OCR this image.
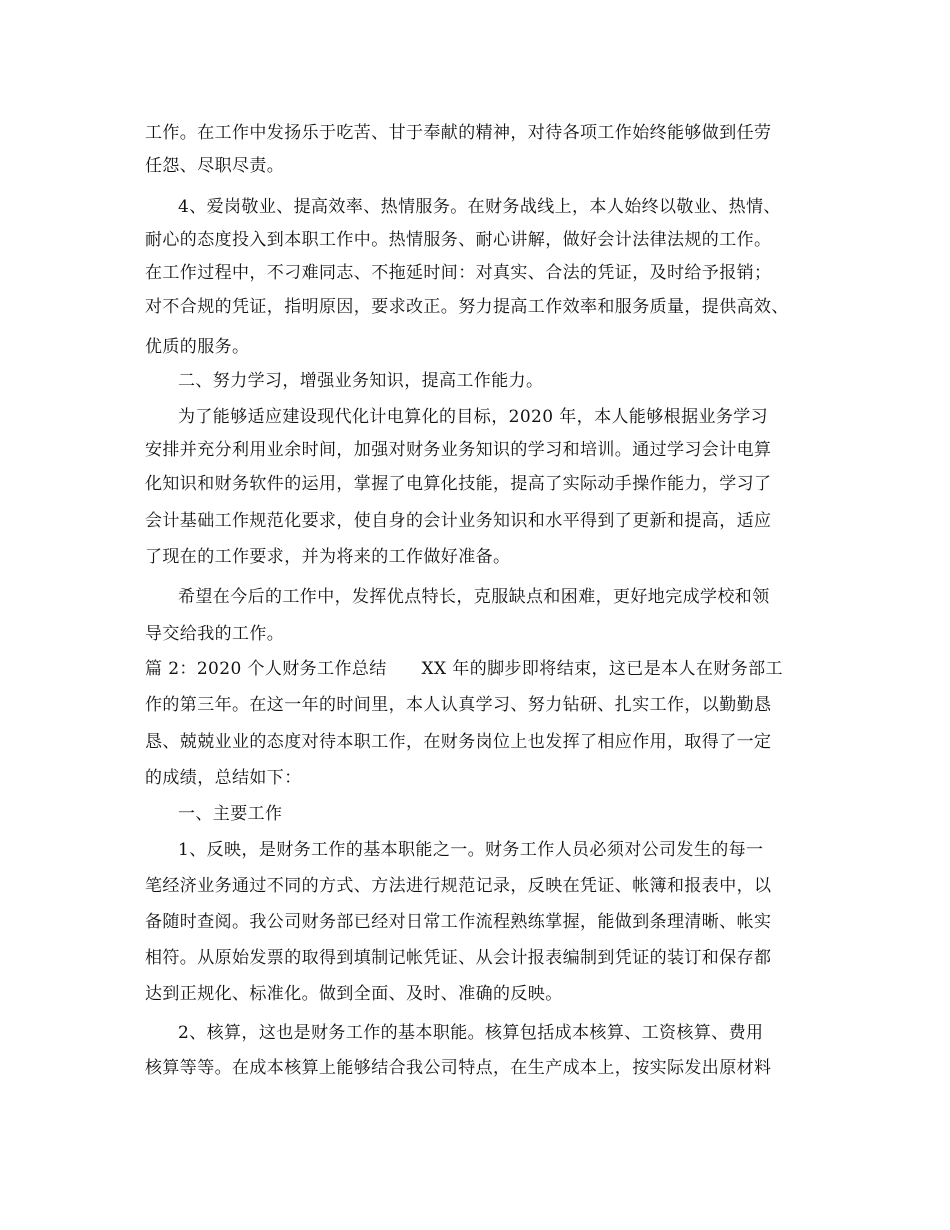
工作。在工作中发扬乐于吃苦、甘于奉献的精神，对待各项工作始终能够做到任劳
任怨、尽职尽责。
4、爱岗敬业、提高效率、热情服务。在财务战线上，本人始终以敬业、热情、
耐心的态度投入到本职工作中。热情服务、耐心讲解，做好会计法律法规的工作。
在工作过程中，不刁难同志、不拖延时间：对真实、合法的凭证，及时给予报销；
对不合规的凭证，指明原因，要求改正。努力提高工作效率和服务质量，提供高效、
优质的服务。
二、努力学习，增强业务知识，提高工作能力。
为了能够适应建设现代化计电算化的目标，2020 年，本人能够根据业务学习
安排并充分利用业余时间，加强对财务业务知识的学习和培训。通过学习会计电算
化知识和财务软件的运用，掌握了电算化技能，提高了实际动手操作能力，学习了
会计基础工作规范化要求，使自身的会计业务知识和水平得到了更新和提高，适应
了现在的工作要求，并为将来的工作做好准备。
希望在今后的工作中，发挥优点特长，克服缺点和困难，更好地完成学校和领
导交给我的工作。
篇 2：2020 个人财务工作总结　　XX 年的脚步即将结束，这已是本人在财务部工
作的第三年。在这一年的时间里，本人认真学习、努力钻研、扎实工作，以勤勤恳
恳、兢兢业业的态度对待本职工作，在财务岗位上也发挥了相应作用，取得了一定
的成绩，总结如下：
一、主要工作
1、反映，是财务工作的基本职能之一。财务工作人员必须对公司发生的每一
笔经济业务通过不同的方式、方法进行规范记录，反映在凭证、帐簿和报表中，以
备随时查阅。我公司财务部已经对日常工作流程熟练掌握，能做到条理清晰、帐实
相符。从原始发票的取得到填制记帐凭证、从会计报表编制到凭证的装订和保存都
达到正规化、标准化。做到全面、及时、准确的反映。
2、核算，这也是财务工作的基本职能。核算包括成本核算、工资核算、费用
核算等等。在成本核算上能够结合我公司特点，在生产成本上，按实际发出原材料
